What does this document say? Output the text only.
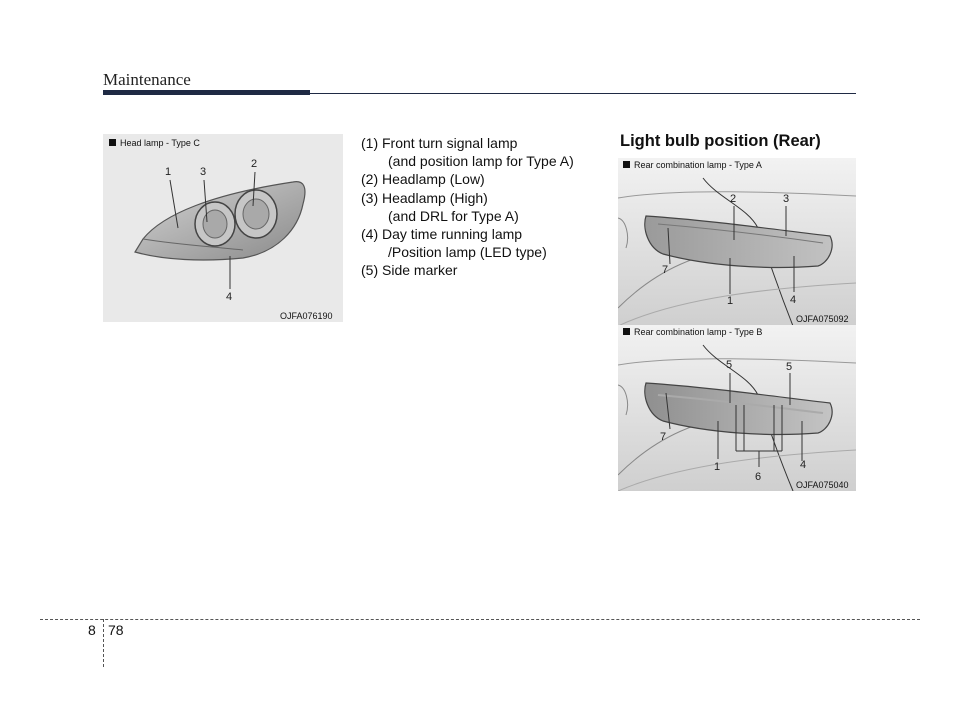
Maintenance
Head lamp - Type C
1	3
2
4
OJFA076190
(1) Front turn signal lamp
(and position lamp for Type A)
(2) Headlamp (Low)
(3) Headlamp (High)
(and DRL for Type A)
(4) Day time running lamp
/Position lamp (LED type)
(5) Side marker
Light bulb position (Rear)
Rear combination lamp - Type A
2	3
7
1	4
OJFA075092
Rear combination lamp - Type B
5	5
7
1
6
4
OJFA075040
8 78
